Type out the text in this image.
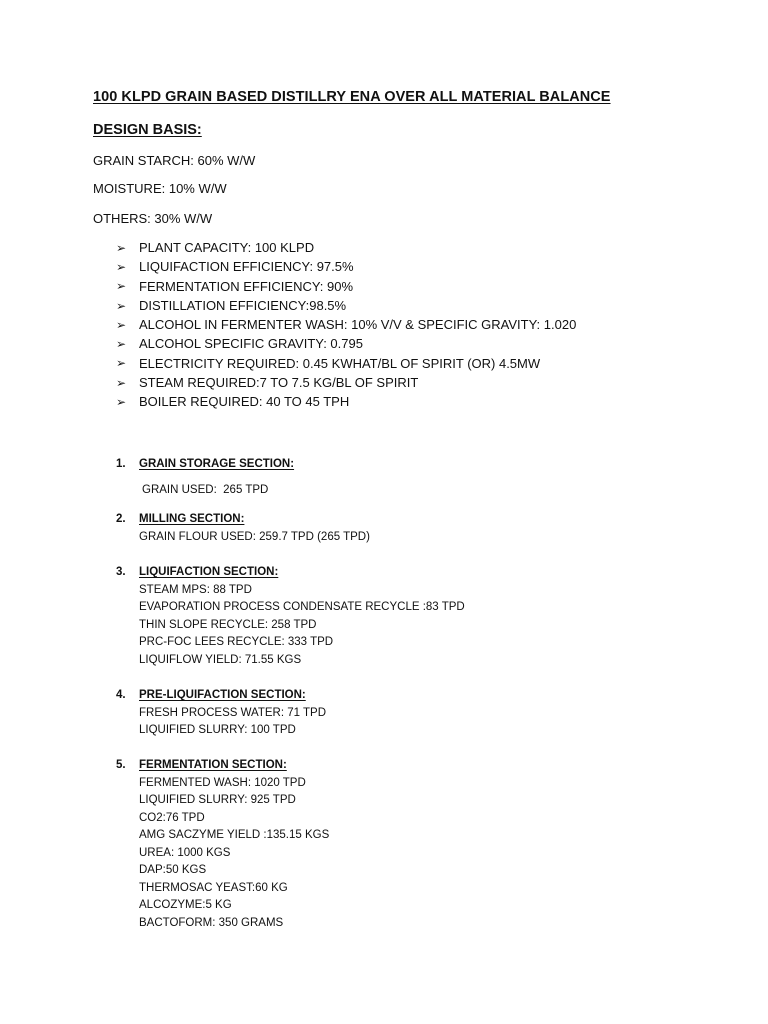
100 KLPD GRAIN BASED DISTILLRY ENA OVER ALL MATERIAL BALANCE
DESIGN BASIS:
GRAIN STARCH: 60% W/W
MOISTURE: 10% W/W
OTHERS: 30% W/W
➢ PLANT CAPACITY: 100 KLPD
➢ LIQUIFACTION EFFICIENCY: 97.5%
➢ FERMENTATION EFFICIENCY: 90%
➢ DISTILLATION EFFICIENCY:98.5%
➢ ALCOHOL IN FERMENTER WASH: 10% V/V & SPECIFIC GRAVITY: 1.020
➢ ALCOHOL SPECIFIC GRAVITY: 0.795
➢ ELECTRICITY REQUIRED: 0.45 KWHAT/BL OF SPIRIT (OR) 4.5MW
➢ STEAM REQUIRED:7 TO 7.5 KG/BL OF SPIRIT
➢ BOILER REQUIRED: 40 TO 45 TPH
1.	GRAIN STORAGE SECTION:
GRAIN USED:  265 TPD
2.	MILLING SECTION:
GRAIN FLOUR USED: 259.7 TPD (265 TPD)
3.	LIQUIFACTION SECTION:
STEAM MPS: 88 TPD
EVAPORATION PROCESS CONDENSATE RECYCLE :83 TPD
THIN SLOPE RECYCLE: 258 TPD
PRC-FOC LEES RECYCLE: 333 TPD
LIQUIFLOW YIELD: 71.55 KGS
4.	PRE-LIQUIFACTION SECTION:
FRESH PROCESS WATER: 71 TPD
LIQUIFIED SLURRY: 100 TPD
5.	FERMENTATION SECTION:
FERMENTED WASH: 1020 TPD
LIQUIFIED SLURRY: 925 TPD
CO2:76 TPD
AMG SACZYME YIELD :135.15 KGS
UREA: 1000 KGS
DAP:50 KGS
THERMOSAC YEAST:60 KG
ALCOZYME:5 KG
BACTOFORM: 350 GRAMS
